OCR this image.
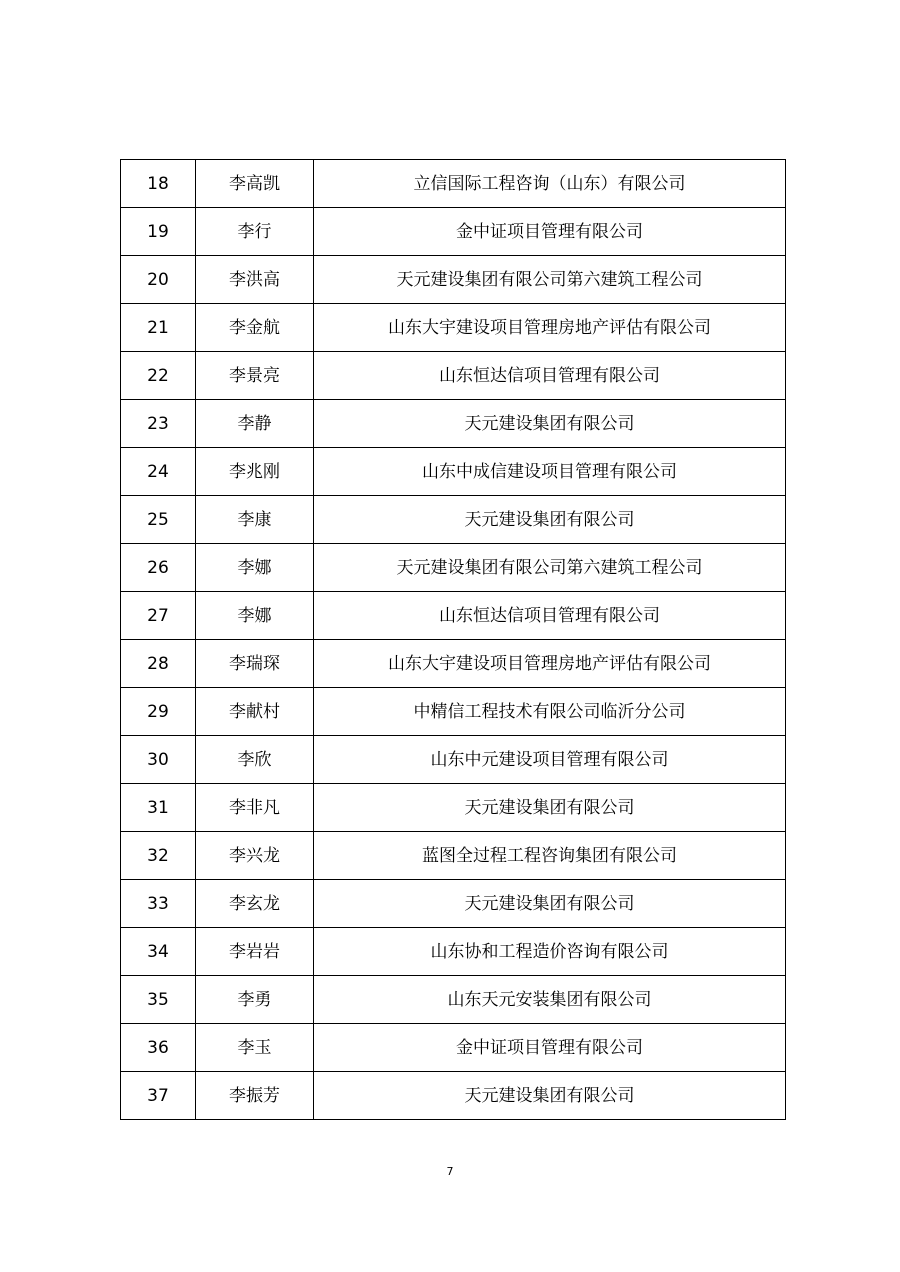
18	李高凯	立信国际工程咨询（山东）有限公司
19	李行	金中证项目管理有限公司
20	李洪高	天元建设集团有限公司第六建筑工程公司
21	李金航	山东大宇建设项目管理房地产评估有限公司
22	李景亮	山东恒达信项目管理有限公司
23	李静	天元建设集团有限公司
24	李兆刚	山东中成信建设项目管理有限公司
25	李康	天元建设集团有限公司
26	李娜	天元建设集团有限公司第六建筑工程公司
27	李娜	山东恒达信项目管理有限公司
28	李瑞琛	山东大宇建设项目管理房地产评估有限公司
29	李献村	中精信工程技术有限公司临沂分公司
30	李欣	山东中元建设项目管理有限公司
31	李非凡	天元建设集团有限公司
32	李兴龙	蓝图全过程工程咨询集团有限公司
33	李玄龙	天元建设集团有限公司
34	李岩岩	山东协和工程造价咨询有限公司
35	李勇	山东天元安装集团有限公司
36	李玉	金中证项目管理有限公司
37	李振芳	天元建设集团有限公司
7
